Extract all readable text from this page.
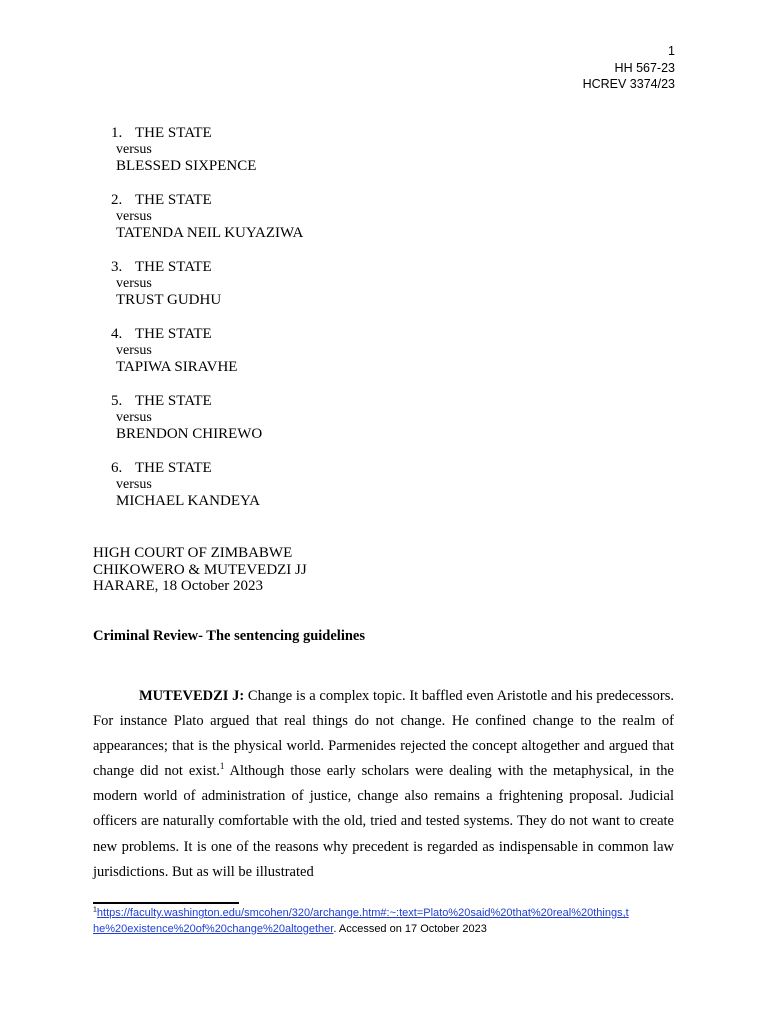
1
HH 567-23
HCREV 3374/23
1. THE STATE
versus
BLESSED SIXPENCE
2. THE STATE
versus
TATENDA NEIL KUYAZIWA
3. THE STATE
versus
TRUST GUDHU
4. THE STATE
versus
TAPIWA SIRAVHE
5. THE STATE
versus
BRENDON CHIREWO
6. THE STATE
versus
MICHAEL KANDEYA
HIGH COURT OF ZIMBABWE
CHIKOWERO & MUTEVEDZI JJ
HARARE, 18 October 2023
Criminal Review- The sentencing guidelines
MUTEVEDZI J: Change is a complex topic. It baffled even Aristotle and his predecessors. For instance Plato argued that real things do not change. He confined change to the realm of appearances; that is the physical world. Parmenides rejected the concept altogether and argued that change did not exist.$^1$ Although those early scholars were dealing with the metaphysical, in the modern world of administration of justice, change also remains a frightening proposal. Judicial officers are naturally comfortable with the old, tried and tested systems. They do not want to create new problems. It is one of the reasons why precedent is regarded as indispensable in common law jurisdictions. But as will be illustrated
$^1$https://faculty.washington.edu/smcohen/320/archange.htm#:~:text=Plato%20said%20that%20real%20things,the%20existence%20of%20change%20altogether. Accessed on 17 October 2023
